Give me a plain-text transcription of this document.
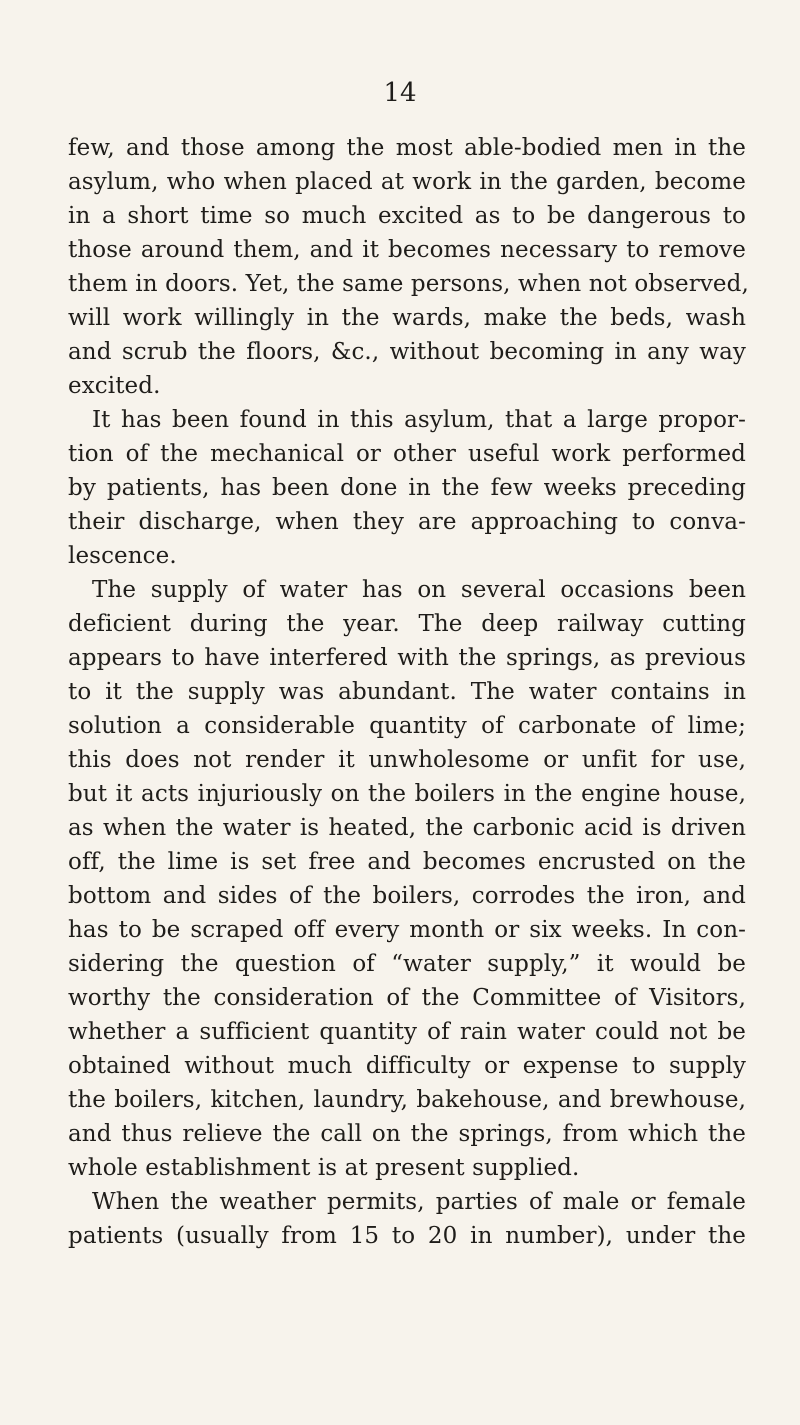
14
few, and those among the most able-bodied men in the
asylum, who when placed at work in the garden, become
in a short time so much excited as to be dangerous to
those around them, and it becomes necessary to remove
them in doors. Yet, the same persons, when not observed,
will work willingly in the wards, make the beds, wash
and scrub the floors, &c., without becoming in any way
excited.
It has been found in this asylum, that a large propor-
tion of the mechanical or other useful work performed
by patients, has been done in the few weeks preceding
their discharge, when they are approaching to conva-
lescence.
The supply of water has on several occasions been
deficient during the year. The deep railway cutting
appears to have interfered with the springs, as previous
to it the supply was abundant. The water contains in
solution a considerable quantity of carbonate of lime;
this does not render it unwholesome or unfit for use,
but it acts injuriously on the boilers in the engine house,
as when the water is heated, the carbonic acid is driven
off, the lime is set free and becomes encrusted on the
bottom and sides of the boilers, corrodes the iron, and
has to be scraped off every month or six weeks. In con-
sidering the question of “water supply,” it would be
worthy the consideration of the Committee of Visitors,
whether a sufficient quantity of rain water could not be
obtained without much difficulty or expense to supply
the boilers, kitchen, laundry, bakehouse, and brewhouse,
and thus relieve the call on the springs, from which the
whole establishment is at present supplied.
When the weather permits, parties of male or female
patients (usually from 15 to 20 in number), under the
